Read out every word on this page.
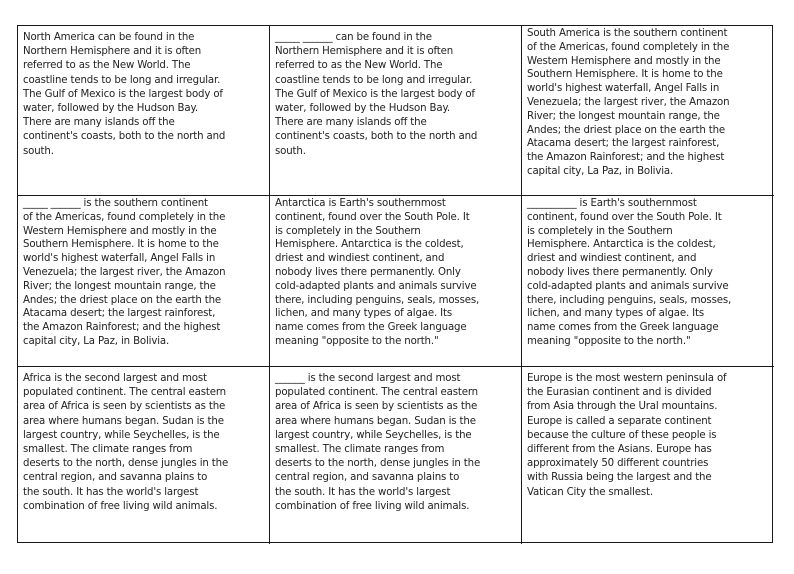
North America can be found in the
Northern Hemisphere and it is often
referred to as the New World. The
coastline tends to be long and irregular.
The Gulf of Mexico is the largest body of
water, followed by the Hudson Bay.
There are many islands off the
continent's coasts, both to the north and
south.
_____ ______ can be found in the
Northern Hemisphere and it is often
referred to as the New World. The
coastline tends to be long and irregular.
The Gulf of Mexico is the largest body of
water, followed by the Hudson Bay.
There are many islands off the
continent's coasts, both to the north and
south.
South America is the southern continent
of the Americas, found completely in the
Western Hemisphere and mostly in the
Southern Hemisphere. It is home to the
world's highest waterfall, Angel Falls in
Venezuela; the largest river, the Amazon
River; the longest mountain range, the
Andes; the driest place on the earth the
Atacama desert; the largest rainforest,
the Amazon Rainforest; and the highest
capital city, La Paz, in Bolivia.
_____ ______ is the southern continent
of the Americas, found completely in the
Western Hemisphere and mostly in the
Southern Hemisphere. It is home to the
world's highest waterfall, Angel Falls in
Venezuela; the largest river, the Amazon
River; the longest mountain range, the
Andes; the driest place on the earth the
Atacama desert; the largest rainforest,
the Amazon Rainforest; and the highest
capital city, La Paz, in Bolivia.
Antarctica is Earth's southernmost
continent, found over the South Pole. It
is completely in the Southern
Hemisphere. Antarctica is the coldest,
driest and windiest continent, and
nobody lives there permanently. Only
cold-adapted plants and animals survive
there, including penguins, seals, mosses,
lichen, and many types of algae. Its
name comes from the Greek language
meaning "opposite to the north."
__________ is Earth's southernmost
continent, found over the South Pole. It
is completely in the Southern
Hemisphere. Antarctica is the coldest,
driest and windiest continent, and
nobody lives there permanently. Only
cold-adapted plants and animals survive
there, including penguins, seals, mosses,
lichen, and many types of algae. Its
name comes from the Greek language
meaning "opposite to the north."
Africa is the second largest and most
populated continent. The central eastern
area of Africa is seen by scientists as the
area where humans began. Sudan is the
largest country, while Seychelles, is the
smallest. The climate ranges from
deserts to the north, dense jungles in the
central region, and savanna plains to
the south. It has the world's largest
combination of free living wild animals.
______ is the second largest and most
populated continent. The central eastern
area of Africa is seen by scientists as the
area where humans began. Sudan is the
largest country, while Seychelles, is the
smallest. The climate ranges from
deserts to the north, dense jungles in the
central region, and savanna plains to
the south. It has the world's largest
combination of free living wild animals.
Europe is the most western peninsula of
the Eurasian continent and is divided
from Asia through the Ural mountains.
Europe is called a separate continent
because the culture of these people is
different from the Asians. Europe has
approximately 50 different countries
with Russia being the largest and the
Vatican City the smallest.
